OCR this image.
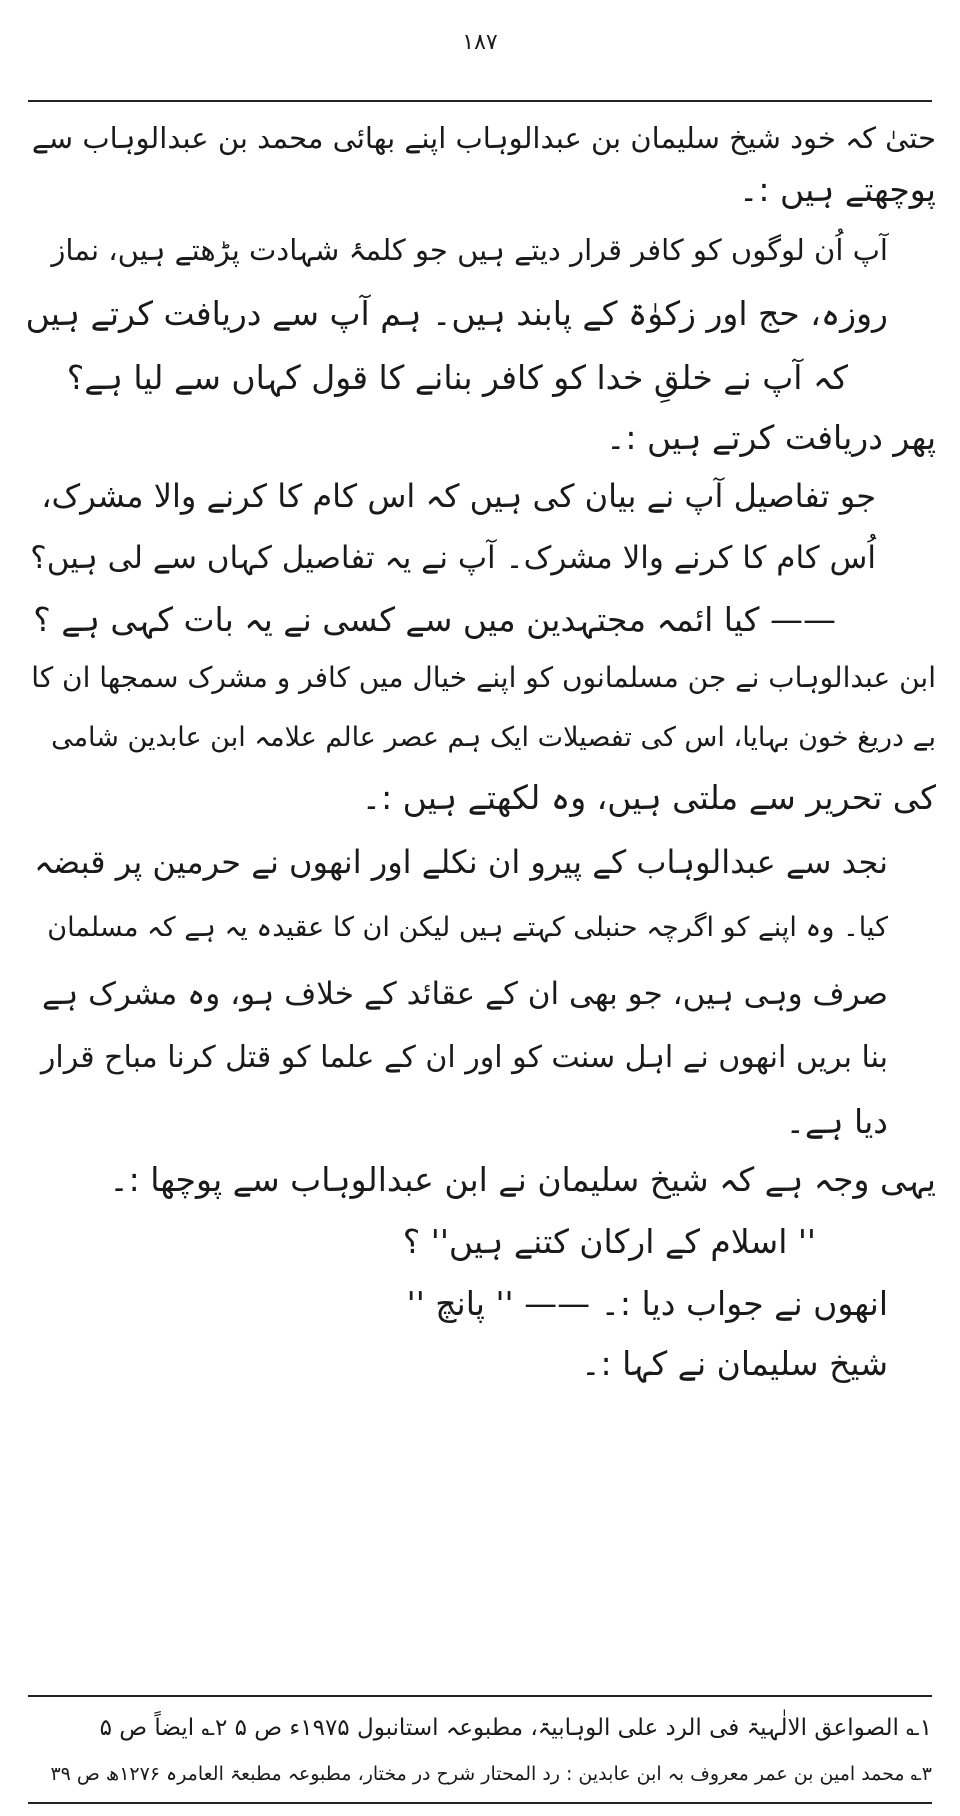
۱۸۷
حتیٰ کہ خود شیخ سلیمان بن عبدالوہاب اپنے بھائی محمد بن عبدالوہاب سے
پوچھتے ہیں :۔
آپ اُن لوگوں کو کافر قرار دیتے ہیں جو کلمۂ شہادت پڑھتے ہیں، نماز
روزہ، حج اور زکوٰۃ کے پابند ہیں۔ ہم آپ سے دریافت کرتے ہیں
کہ آپ نے خلقِ خدا کو کافر بنانے کا قول کہاں سے لیا ہے؟
پھر دریافت کرتے ہیں :۔
جو تفاصیل آپ نے بیان کی ہیں کہ اس کام کا کرنے والا مشرک،
اُس کام کا کرنے والا مشرک۔ آپ نے یہ تفاصیل کہاں سے لی ہیں؟
—— کیا ائمہ مجتہدین میں سے کسی نے یہ بات کہی ہے ؟
ابن عبدالوہاب نے جن مسلمانوں کو اپنے خیال میں کافر و مشرک سمجھا ان کا
بے دریغ خون بہایا، اس کی تفصیلات ایک ہم عصر عالم علامہ ابن عابدین شامی
کی تحریر سے ملتی ہیں، وہ لکھتے ہیں :۔
نجد سے عبدالوہاب کے پیرو ان نکلے اور انھوں نے حرمین پر قبضہ
کیا۔ وہ اپنے کو اگرچہ حنبلی کہتے ہیں لیکن ان کا عقیدہ یہ ہے کہ مسلمان
صرف وہی ہیں، جو بھی ان کے عقائد کے خلاف ہو، وہ مشرک ہے
بنا بریں انھوں نے اہل سنت کو اور ان کے علما کو قتل کرنا مباح قرار
دیا ہے۔
یہی وجہ ہے کہ شیخ سلیمان نے ابن عبدالوہاب سے پوچھا :۔
'' اسلام کے ارکان کتنے ہیں'' ؟
انھوں نے جواب دیا :۔ —— '' پانچ ''
شیخ سلیمان نے کہا :۔
۱؎ الصواعق الالٰہیۃ فی الرد علی الوہابیۃ، مطبوعہ استانبول ۱۹۷۵ء ص ۵ ۲؎ ایضاً ص ۵
۳؎ محمد امین بن عمر معروف بہ ابن عابدین : رد المحتار شرح در مختار، مطبوعہ مطبعۃ العامرہ ۱۲۷۶ھ ص ۳۹
